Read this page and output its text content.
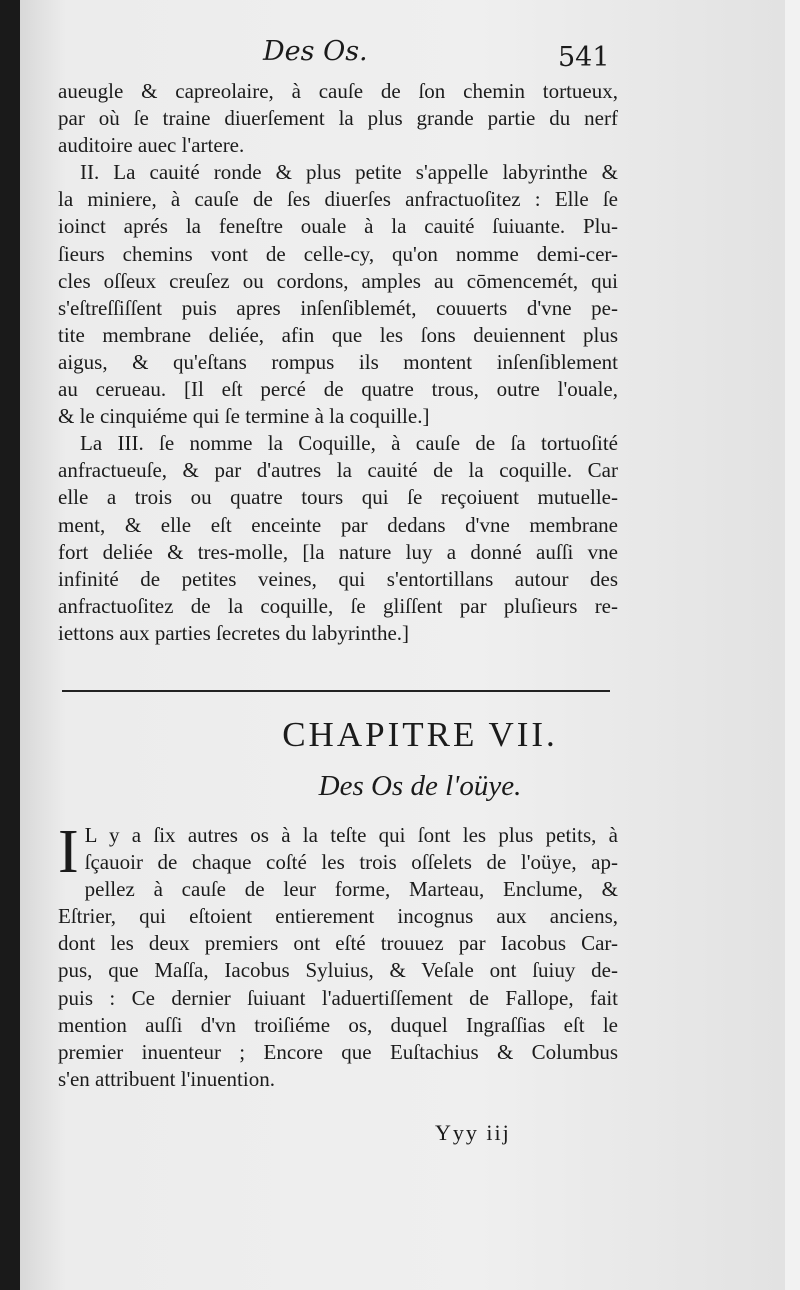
Des Os.	541
aueugle & capreolaire, à cauſe de ſon chemin tortueux,
par où ſe traine diuerſement la plus grande partie du nerf
auditoire auec l'artere.
II. La cauité ronde & plus petite s'appelle labyrinthe &
la miniere, à cauſe de ſes diuerſes anfractuoſitez : Elle ſe
ioinct aprés la feneſtre ouale à la cauité ſuiuante. Plu-
ſieurs chemins vont de celle-cy, qu'on nomme demi-cer-
cles oſſeux creuſez ou cordons, amples au cōmencemét, qui
s'eſtreſſiſſent puis apres inſenſiblemét, couuerts d'vne pe-
tite membrane deliée, afin que les ſons deuiennent plus
aigus, & qu'eſtans rompus ils montent inſenſiblement
au cerueau. [Il eſt percé de quatre trous, outre l'ouale,
& le cinquiéme qui ſe termine à la coquille.]
La III. ſe nomme la Coquille, à cauſe de ſa tortuoſité
anfractueuſe, & par d'autres la cauité de la coquille. Car
elle a trois ou quatre tours qui ſe reçoiuent mutuelle-
ment, & elle eſt enceinte par dedans d'vne membrane
fort deliée & tres-molle, [la nature luy a donné auſſi vne
infinité de petites veines, qui s'entortillans autour des
anfractuoſitez de la coquille, ſe gliſſent par pluſieurs re-
iettons aux parties ſecretes du labyrinthe.]
CHAPITRE VII.
Des Os de l'oüye.
I L y a ſix autres os à la teſte qui ſont les plus petits, à
ſçauoir de chaque coſté les trois oſſelets de l'oüye, ap-
pellez à cauſe de leur forme, Marteau, Enclume, &
Eſtrier, qui eſtoient entierement incognus aux anciens,
dont les deux premiers ont eſté trouuez par Iacobus Car-
pus, que Maſſa, Iacobus Syluius, & Veſale ont ſuiuy de-
puis : Ce dernier ſuiuant l'aduertiſſement de Fallope, fait
mention auſſi d'vn troiſiéme os, duquel Ingraſſias eſt le
premier inuenteur ; Encore que Euſtachius & Columbus
s'en attribuent l'inuention.
Yyy iij
